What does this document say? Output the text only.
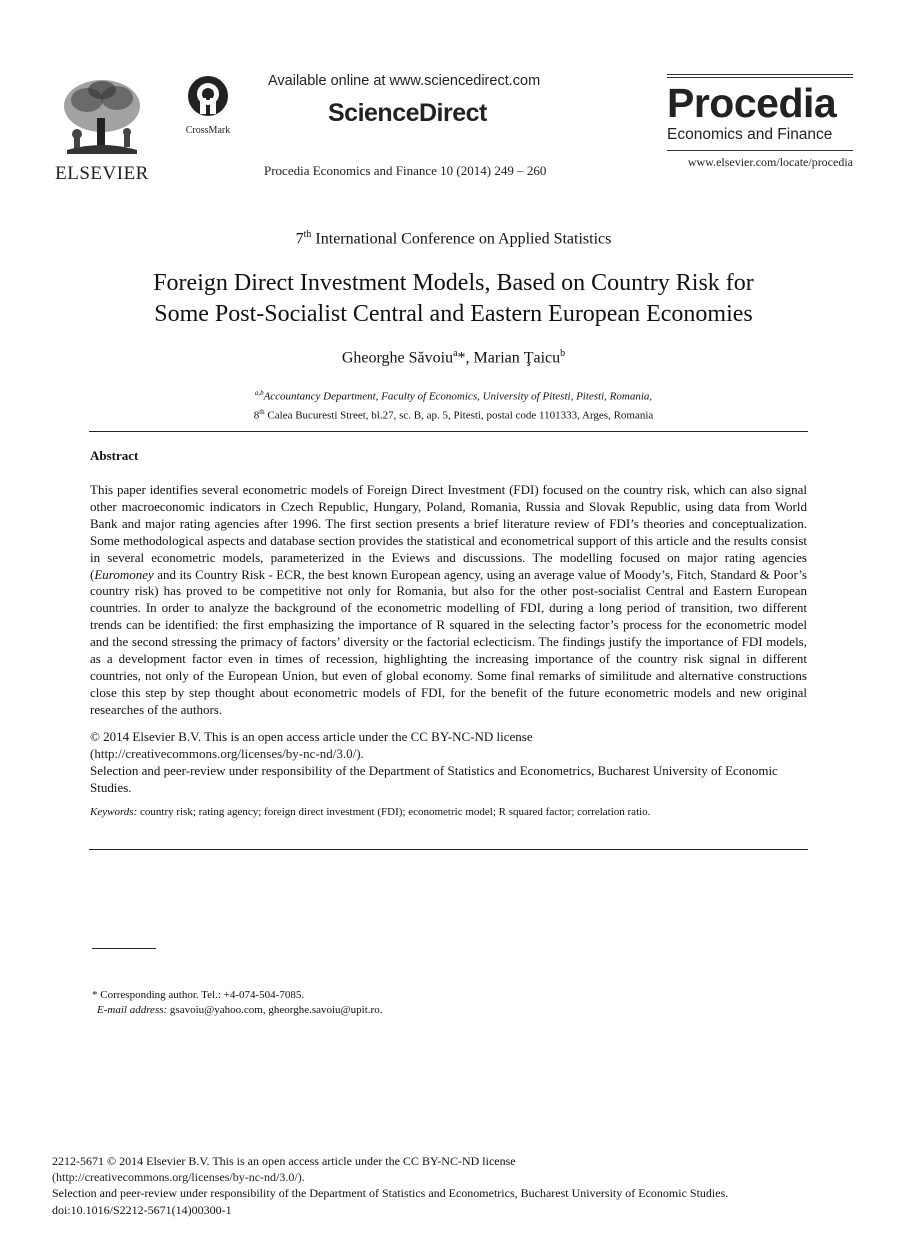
ELSEVIER
CrossMark
Available online at www.sciencedirect.com
ScienceDirect
Procedia Economics and Finance 10 (2014) 249 – 260
Procedia
Economics and Finance
www.elsevier.com/locate/procedia
7th International Conference on Applied Statistics
Foreign Direct Investment Models, Based on Country Risk for
Some Post-Socialist Central and Eastern European Economies
Gheorghe Săvoiu$^a$*, Marian Ţaicu$^b$
$^{a,b}$Accountancy Department, Faculty of Economics, University of Pitesti, Pitesti, Romania,
8th Calea Bucuresti Street, bl.27, sc. B, ap. 5, Pitesti, postal code 1101333, Arges, Romania
Abstract
This paper identifies several econometric models of Foreign Direct Investment (FDI) focused on the country risk, which can also signal other macroeconomic indicators in Czech Republic, Hungary, Poland, Romania, Russia and Slovak Republic, using data from World Bank and major rating agencies after 1996. The first section presents a brief literature review of FDI’s theories and conceptualization. Some methodological aspects and database section provides the statistical and econometrical support of this article and the results consist in several econometric models, parameterized in the Eviews and discussions. The modelling focused on major rating agencies (Euromoney and its Country Risk - ECR, the best known European agency, using an average value of Moody’s, Fitch, Standard & Poor’s country risk) has proved to be competitive not only for Romania, but also for the other post-socialist Central and Eastern European countries. In order to analyze the background of the econometric modelling of FDI, during a long period of transition, two different trends can be identified: the first emphasizing the importance of R squared in the selecting factor’s process for the econometric model and the second stressing the primacy of factors’ diversity or the factorial eclecticism. The findings justify the importance of FDI models, as a development factor even in times of recession, highlighting the increasing importance of the country risk signal in different countries, not only of the European Union, but even of global economy. Some final remarks of similitude and alternative constructions close this step by step thought about econometric models of FDI, for the benefit of the future econometric models and new original researches of the authors.
© 2014 Elsevier B.V. This is an open access article under the CC BY-NC-ND license
(http://creativecommons.org/licenses/by-nc-nd/3.0/).
Selection and peer-review under responsibility of the Department of Statistics and Econometrics, Bucharest University of Economic Studies.
Keywords: country risk; rating agency; foreign direct investment (FDI); econometric model; R squared factor; correlation ratio.
* Corresponding author. Tel.: +4-074-504-7085.
E-mail address: gsavoiu@yahoo.com, gheorghe.savoiu@upit.ro.
2212-5671 © 2014 Elsevier B.V. This is an open access article under the CC BY-NC-ND license
(http://creativecommons.org/licenses/by-nc-nd/3.0/).
Selection and peer-review under responsibility of the Department of Statistics and Econometrics, Bucharest University of Economic Studies.
doi:10.1016/S2212-5671(14)00300-1
